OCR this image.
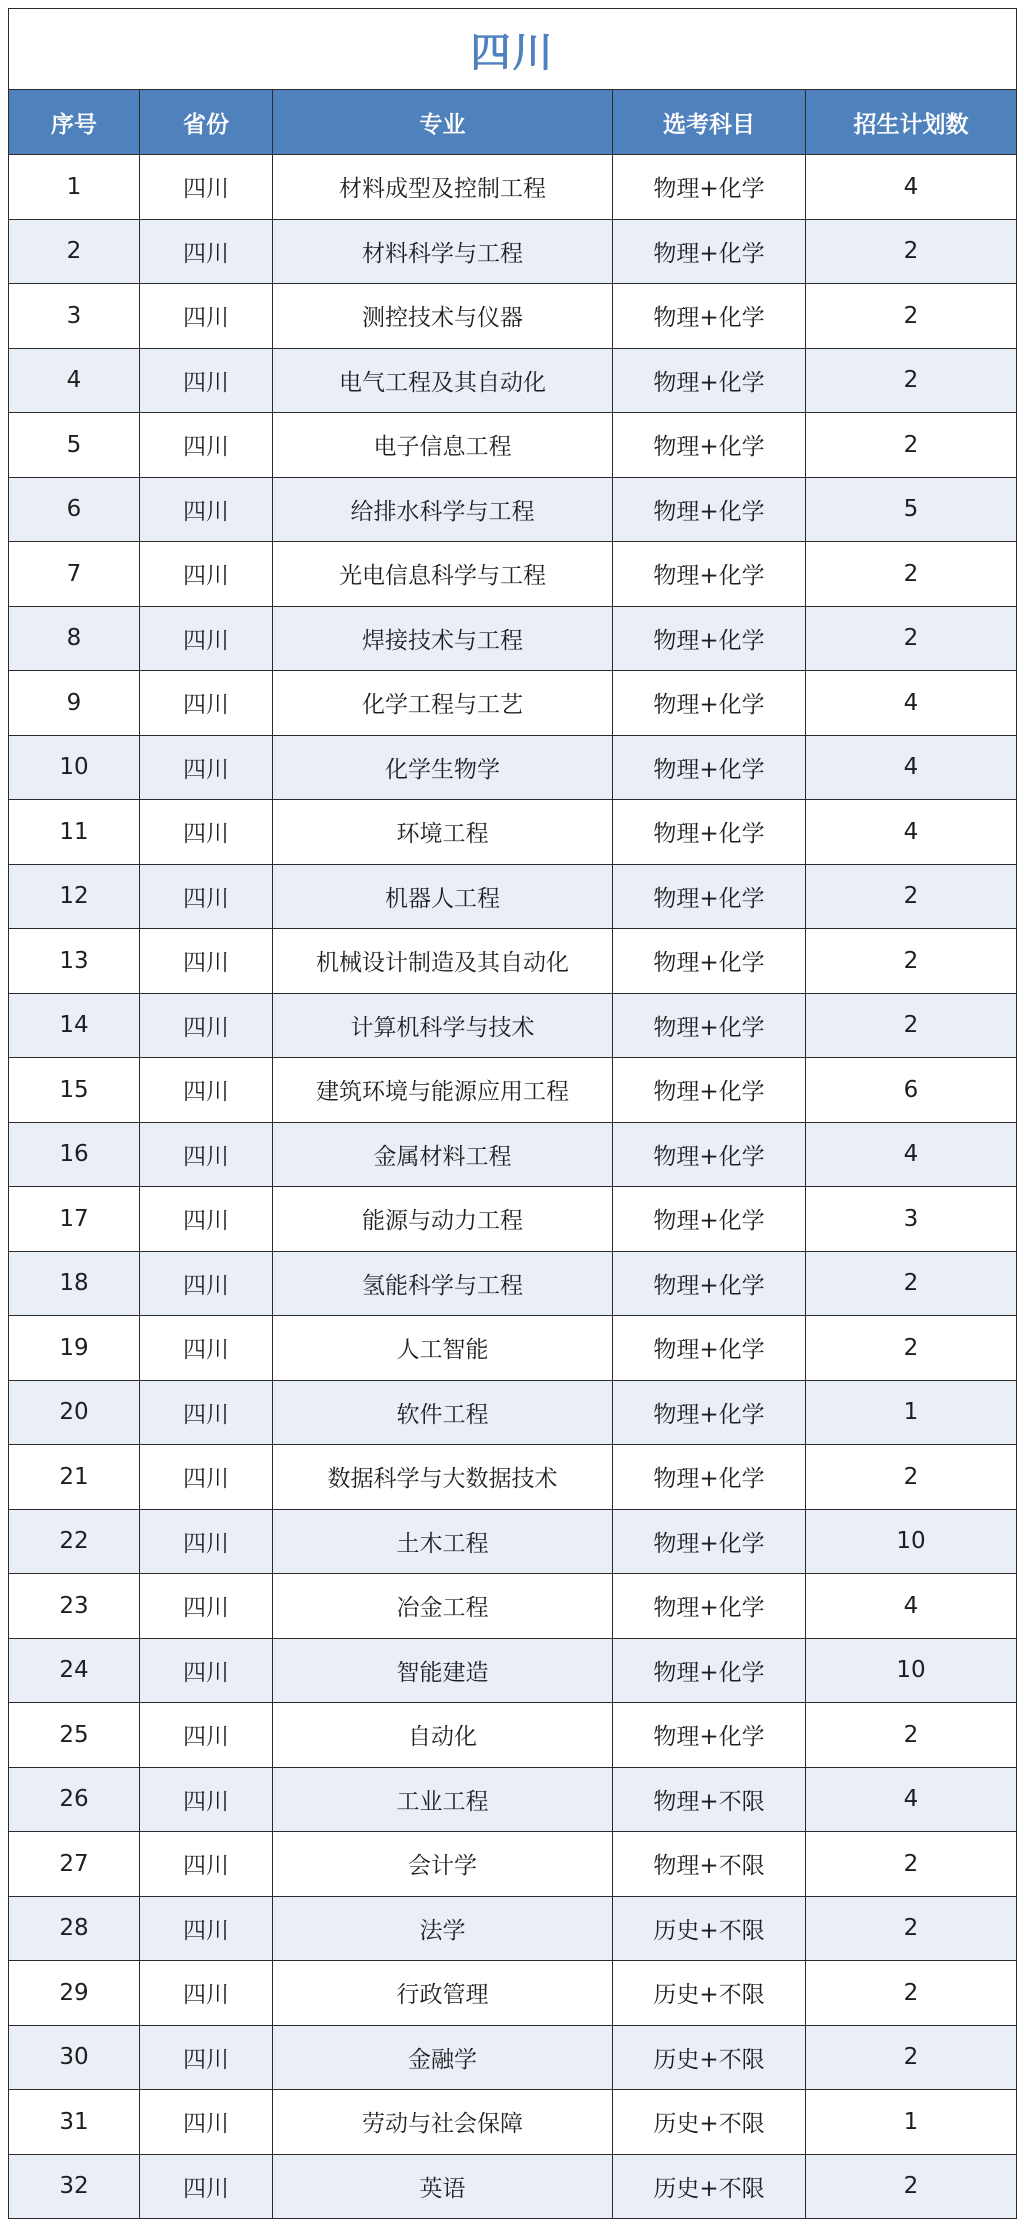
四川				
序号	省份	专业	选考科目	招生计划数
1	四川	材料成型及控制工程	物理+化学	4
2	四川	材料科学与工程	物理+化学	2
3	四川	测控技术与仪器	物理+化学	2
4	四川	电气工程及其自动化	物理+化学	2
5	四川	电子信息工程	物理+化学	2
6	四川	给排水科学与工程	物理+化学	5
7	四川	光电信息科学与工程	物理+化学	2
8	四川	焊接技术与工程	物理+化学	2
9	四川	化学工程与工艺	物理+化学	4
10	四川	化学生物学	物理+化学	4
11	四川	环境工程	物理+化学	4
12	四川	机器人工程	物理+化学	2
13	四川	机械设计制造及其自动化	物理+化学	2
14	四川	计算机科学与技术	物理+化学	2
15	四川	建筑环境与能源应用工程	物理+化学	6
16	四川	金属材料工程	物理+化学	4
17	四川	能源与动力工程	物理+化学	3
18	四川	氢能科学与工程	物理+化学	2
19	四川	人工智能	物理+化学	2
20	四川	软件工程	物理+化学	1
21	四川	数据科学与大数据技术	物理+化学	2
22	四川	土木工程	物理+化学	10
23	四川	冶金工程	物理+化学	4
24	四川	智能建造	物理+化学	10
25	四川	自动化	物理+化学	2
26	四川	工业工程	物理+不限	4
27	四川	会计学	物理+不限	2
28	四川	法学	历史+不限	2
29	四川	行政管理	历史+不限	2
30	四川	金融学	历史+不限	2
31	四川	劳动与社会保障	历史+不限	1
32	四川	英语	历史+不限	2
